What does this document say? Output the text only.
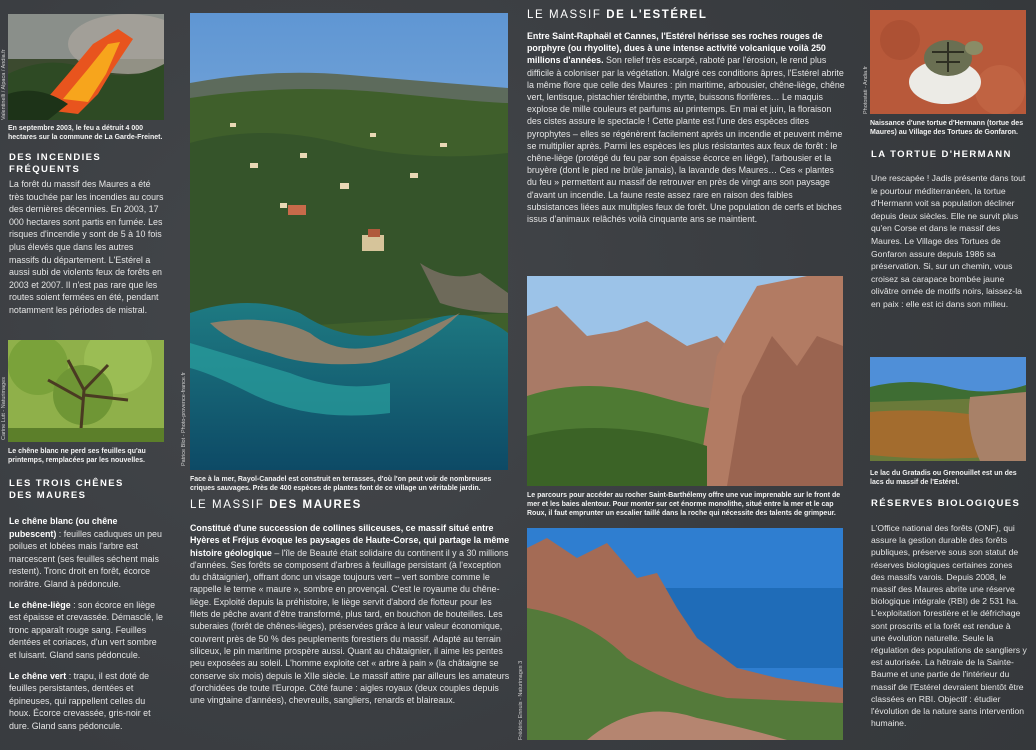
Valentinelli / Alpaca / Andia.fr
En septembre 2003, le feu a détruit 4 000 hectares sur la commune de La Garde-Freinet.
DES INCENDIES FRÉQUENTS
La forêt du massif des Maures a été très touchée par les incendies au cours des dernières décennies. En 2003, 17 000 hectares sont partis en fumée. Les risques d'incendie y sont de 5 à 10 fois plus élevés que dans les autres massifs du département. L'Estérel a aussi subi de violents feux de forêts en 2003 et 2007. Il n'est pas rare que les routes soient fermées en été, pendant notamment les périodes de mistral.
Carine Lutt - Naturimages
Le chêne blanc ne perd ses feuilles qu'au printemps, remplacées par les nouvelles.
LES TROIS CHÊNES
DES MAURES
Le chêne blanc (ou chêne pubescent) : feuilles caduques un peu poilues et lobées mais l'arbre est marcescent (ses feuilles séchent mais restent). Tronc droit en forêt, écorce noirâtre. Gland à pédoncule.
Le chêne-liège : son écorce en liège est épaisse et crevassée. Démasclé, le tronc apparaît rouge sang. Feuilles dentées et coriaces, d'un vert sombre et luisant. Gland sans pédoncule.
Le chêne vert : trapu, il est doté de feuilles persistantes, dentées et épineuses, qui rappellent celles du houx. Écorce crevassée, gris-noir et dure. Gland sans pédoncule.
Patrice Blot - Photo-provence-france.fr
Face à la mer, Rayol-Canadel est construit en terrasses, d'où l'on peut voir de nombreuses criques sauvages. Près de 400 espèces de plantes font de ce village un véritable jardin.
LE MASSIF DES MAURES
Constitué d'une succession de collines siliceuses, ce massif situé entre Hyères et Fréjus évoque les paysages de Haute-Corse, qui partage la même histoire géologique – l'île de Beauté était solidaire du continent il y a 30 millions d'années. Ses forêts se composent d'arbres à feuillage persistant (à l'exception du châtaignier), offrant donc un visage toujours vert – vert sombre comme le rappelle le terme « maure », sombre en provençal. C'est le royaume du chêne-liège. Exploité depuis la préhistoire, le liège servit d'abord de flotteur pour les filets de pêche avant d'être transformé, plus tard, en bouchon de bouteilles. Les suberaies (forêt de chênes-lièges), préservées grâce à leur valeur économique, couvrent près de 50 % des peuplements forestiers du massif. Adapté au terrain siliceux, le pin maritime prospère aussi. Quant au châtaignier, il aime les pentes peu exposées au soleil. L'homme exploite cet « arbre à pain » (la châtaigne se conserve six mois) depuis le XIIe siècle. Le massif attire par ailleurs les amateurs d'orchidées de toute l'Europe. Côté faune : aigles royaux (deux couples depuis une vingtaine d'années), chevreuils, sangliers, renards et blaireaux.
LE MASSIF DE L'ESTÉREL
Entre Saint-Raphaël et Cannes, l'Estérel hérisse ses roches rouges de porphyre (ou rhyolite), dues à une intense activité volcanique voilà 250 millions d'années. Son relief très escarpé, raboté par l'érosion, le rend plus difficile à coloniser par la végétation. Malgré ces conditions âpres, l'Estérel abrite la même flore que celle des Maures : pin maritime, arbousier, chêne-liège, chêne vert, lentisque, pistachier térébinthe, myrte, buissons florifères… Le maquis explose de mille couleurs et parfums au printemps. En mai et juin, la floraison des cistes assure le spectacle ! Cette plante est l'une des espèces dites pyrophytes – elles se régénèrent facilement après un incendie et peuvent même se multiplier après. Parmi les espèces les plus résistantes aux feux de forêt : le chêne-liège (protégé du feu par son épaisse écorce en liège), l'arbousier et la bruyère (dont le pied ne brûle jamais), la lavande des Maures… Ces « plantes du feu » permettent au massif de retrouver en près de vingt ans son paysage d'avant un incendie. La faune reste assez rare en raison des faibles subsistances liées aux multiples feux de forêt. Une population de cerfs et biches issus d'animaux relâchés voilà cinquante ans se maintient.
Le parcours pour accéder au rocher Saint-Barthélemy offre une vue imprenable sur le front de mer et les baies alentour. Pour monter sur cet énorme monolithe, situé entre la mer et le cap Roux, il faut emprunter un escalier taillé dans la roche qui nécessite des talents de grimpeur.
Frédéric Ennuis - Naturimages 3
Photostati - Andia.fr
Naissance d'une tortue d'Hermann (tortue des Maures) au Village des Tortues de Gonfaron.
LA TORTUE D'HERMANN
Une rescapée ! Jadis présente dans tout le pourtour méditerranéen, la tortue d'Hermann voit sa population décliner depuis deux siècles. Elle ne survit plus qu'en Corse et dans le massif des Maures. Le Village des Tortues de Gonfaron assure depuis 1986 sa préservation. Si, sur un chemin, vous croisez sa carapace bombée jaune olivâtre ornée de motifs noirs, laissez-la en paix : elle est ici dans son milieu.
Le lac du Gratadis ou Grenouillet est un des lacs du massif de l'Estérel.
RÉSERVES BIOLOGIQUES
L'Office national des forêts (ONF), qui assure la gestion durable des forêts publiques, préserve sous son statut de réserves biologiques certaines zones des massifs varois. Depuis 2008, le massif des Maures abrite une réserve biologique intégrale (RBI) de 2 531 ha. L'exploitation forestière et le défrichage sont proscrits et la forêt est rendue à une évolution naturelle. Seule la régulation des populations de sangliers y est autorisée. La hêtraie de la Sainte-Baume et une partie de l'intérieur du massif de l'Estérel devraient bientôt être classées en RBI. Objectif : étudier l'évolution de la nature sans intervention humaine.
